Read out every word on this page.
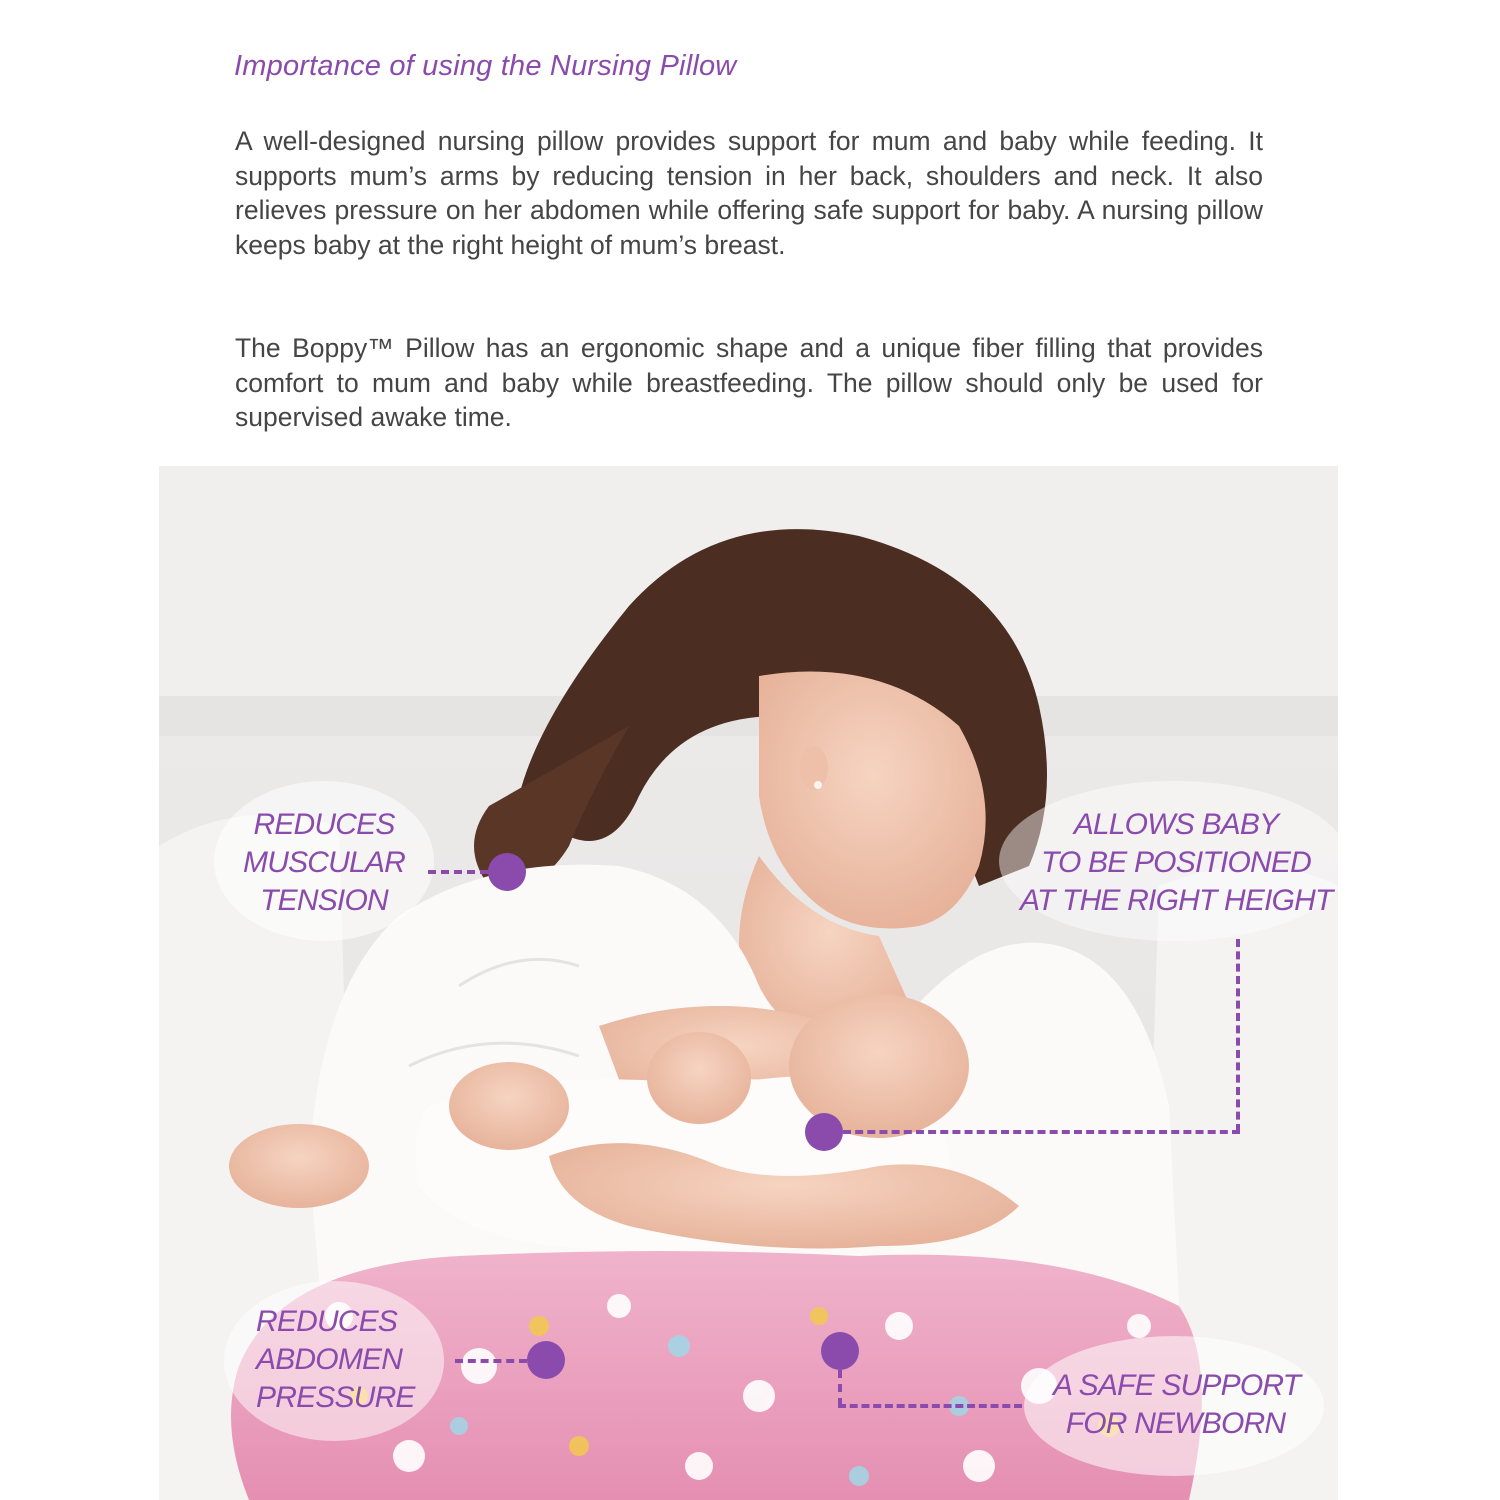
Importance of using the Nursing Pillow

A well-designed nursing pillow provides support for mum and baby while feeding. It supports mum’s arms by reducing tension in her back, shoulders and neck. It also relieves pressure on her abdomen while offering safe support for baby. A nursing pillow keeps baby at the right height of mum’s breast.

The Boppy™ Pillow has an ergonomic shape and a unique fiber filling that provides comfort to mum and baby while breastfeeding. The pillow should only be used for supervised awake time.

REDUCES
MUSCULAR
TENSION
ALLOWS BABY
TO BE POSITIONED
AT THE RIGHT HEIGHT
REDUCES
ABDOMEN
PRESSURE	A SAFE SUPPORT
FOR NEWBORN
